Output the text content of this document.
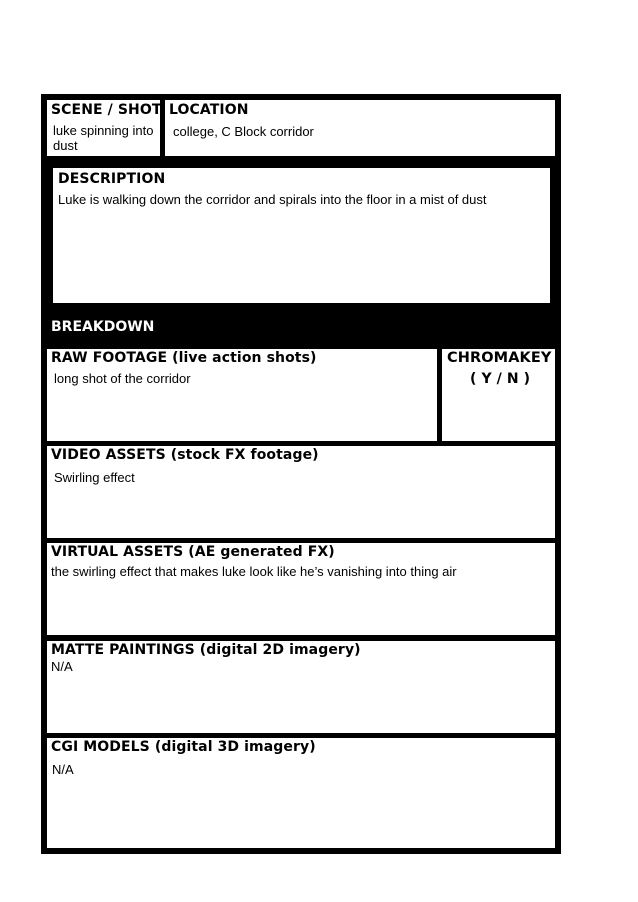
SCENE / SHOT
luke spinning into
dust
LOCATION
college, C Block corridor
DESCRIPTION
Luke is walking down the corridor and spirals into the floor in a mist of dust
BREAKDOWN
RAW FOOTAGE (live action shots)
long shot of the corridor
CHROMAKEY
( Y / N )
VIDEO ASSETS (stock FX footage)
Swirling effect
VIRTUAL ASSETS (AE generated FX)
the swirling effect that makes luke look like he’s vanishing into thing air
MATTE PAINTINGS (digital 2D imagery)
N/A
CGI MODELS (digital 3D imagery)
N/A
